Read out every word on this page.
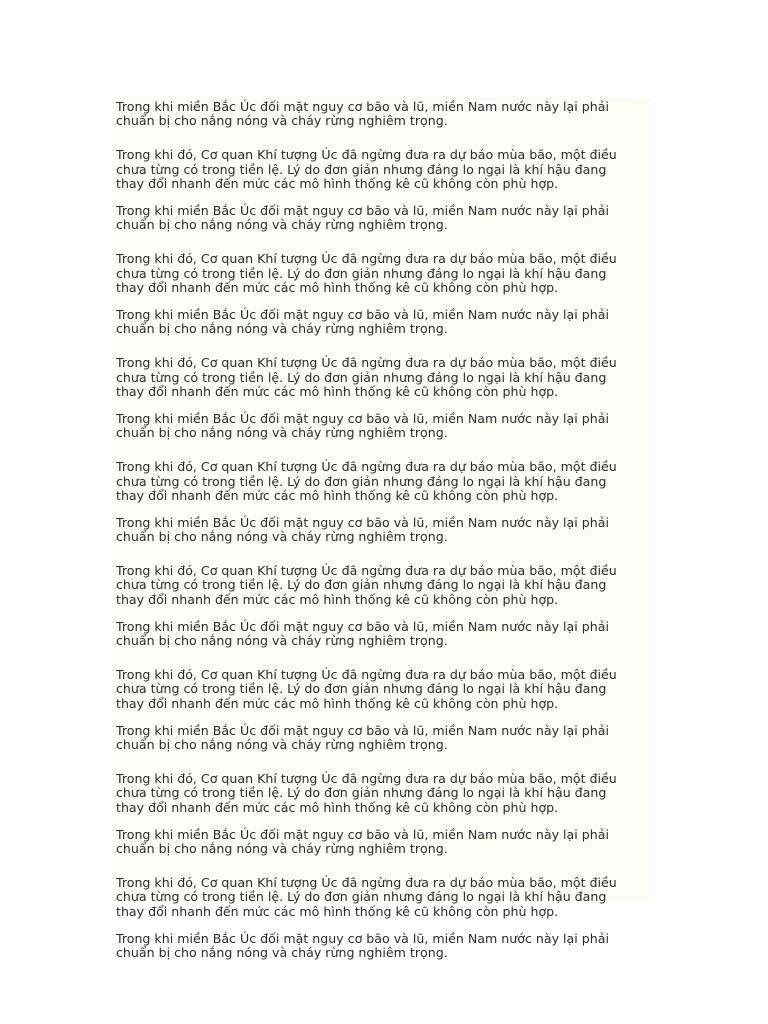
Trong khi miền Bắc Úc đối mặt nguy cơ bão và lũ, miền Nam nước này lại phải
chuẩn bị cho nắng nóng và cháy rừng nghiêm trọng.

Trong khi đó, Cơ quan Khí tượng Úc đã ngừng đưa ra dự báo mùa bão, một điều
chưa từng có trong tiền lệ. Lý do đơn giản nhưng đáng lo ngại là khí hậu đang
thay đổi nhanh đến mức các mô hình thống kê cũ không còn phù hợp.

Trong khi miền Bắc Úc đối mặt nguy cơ bão và lũ, miền Nam nước này lại phải
chuẩn bị cho nắng nóng và cháy rừng nghiêm trọng.

Trong khi đó, Cơ quan Khí tượng Úc đã ngừng đưa ra dự báo mùa bão, một điều
chưa từng có trong tiền lệ. Lý do đơn giản nhưng đáng lo ngại là khí hậu đang
thay đổi nhanh đến mức các mô hình thống kê cũ không còn phù hợp.

Trong khi miền Bắc Úc đối mặt nguy cơ bão và lũ, miền Nam nước này lại phải
chuẩn bị cho nắng nóng và cháy rừng nghiêm trọng.

Trong khi đó, Cơ quan Khí tượng Úc đã ngừng đưa ra dự báo mùa bão, một điều
chưa từng có trong tiền lệ. Lý do đơn giản nhưng đáng lo ngại là khí hậu đang
thay đổi nhanh đến mức các mô hình thống kê cũ không còn phù hợp.

Trong khi miền Bắc Úc đối mặt nguy cơ bão và lũ, miền Nam nước này lại phải
chuẩn bị cho nắng nóng và cháy rừng nghiêm trọng.

Trong khi đó, Cơ quan Khí tượng Úc đã ngừng đưa ra dự báo mùa bão, một điều
chưa từng có trong tiền lệ. Lý do đơn giản nhưng đáng lo ngại là khí hậu đang
thay đổi nhanh đến mức các mô hình thống kê cũ không còn phù hợp.

Trong khi miền Bắc Úc đối mặt nguy cơ bão và lũ, miền Nam nước này lại phải
chuẩn bị cho nắng nóng và cháy rừng nghiêm trọng.

Trong khi đó, Cơ quan Khí tượng Úc đã ngừng đưa ra dự báo mùa bão, một điều
chưa từng có trong tiền lệ. Lý do đơn giản nhưng đáng lo ngại là khí hậu đang
thay đổi nhanh đến mức các mô hình thống kê cũ không còn phù hợp.

Trong khi miền Bắc Úc đối mặt nguy cơ bão và lũ, miền Nam nước này lại phải
chuẩn bị cho nắng nóng và cháy rừng nghiêm trọng.

Trong khi đó, Cơ quan Khí tượng Úc đã ngừng đưa ra dự báo mùa bão, một điều
chưa từng có trong tiền lệ. Lý do đơn giản nhưng đáng lo ngại là khí hậu đang
thay đổi nhanh đến mức các mô hình thống kê cũ không còn phù hợp.

Trong khi miền Bắc Úc đối mặt nguy cơ bão và lũ, miền Nam nước này lại phải
chuẩn bị cho nắng nóng và cháy rừng nghiêm trọng.

Trong khi đó, Cơ quan Khí tượng Úc đã ngừng đưa ra dự báo mùa bão, một điều
chưa từng có trong tiền lệ. Lý do đơn giản nhưng đáng lo ngại là khí hậu đang
thay đổi nhanh đến mức các mô hình thống kê cũ không còn phù hợp.

Trong khi miền Bắc Úc đối mặt nguy cơ bão và lũ, miền Nam nước này lại phải
chuẩn bị cho nắng nóng và cháy rừng nghiêm trọng.

Trong khi đó, Cơ quan Khí tượng Úc đã ngừng đưa ra dự báo mùa bão, một điều
chưa từng có trong tiền lệ. Lý do đơn giản nhưng đáng lo ngại là khí hậu đang
thay đổi nhanh đến mức các mô hình thống kê cũ không còn phù hợp.

Trong khi miền Bắc Úc đối mặt nguy cơ bão và lũ, miền Nam nước này lại phải
chuẩn bị cho nắng nóng và cháy rừng nghiêm trọng.
